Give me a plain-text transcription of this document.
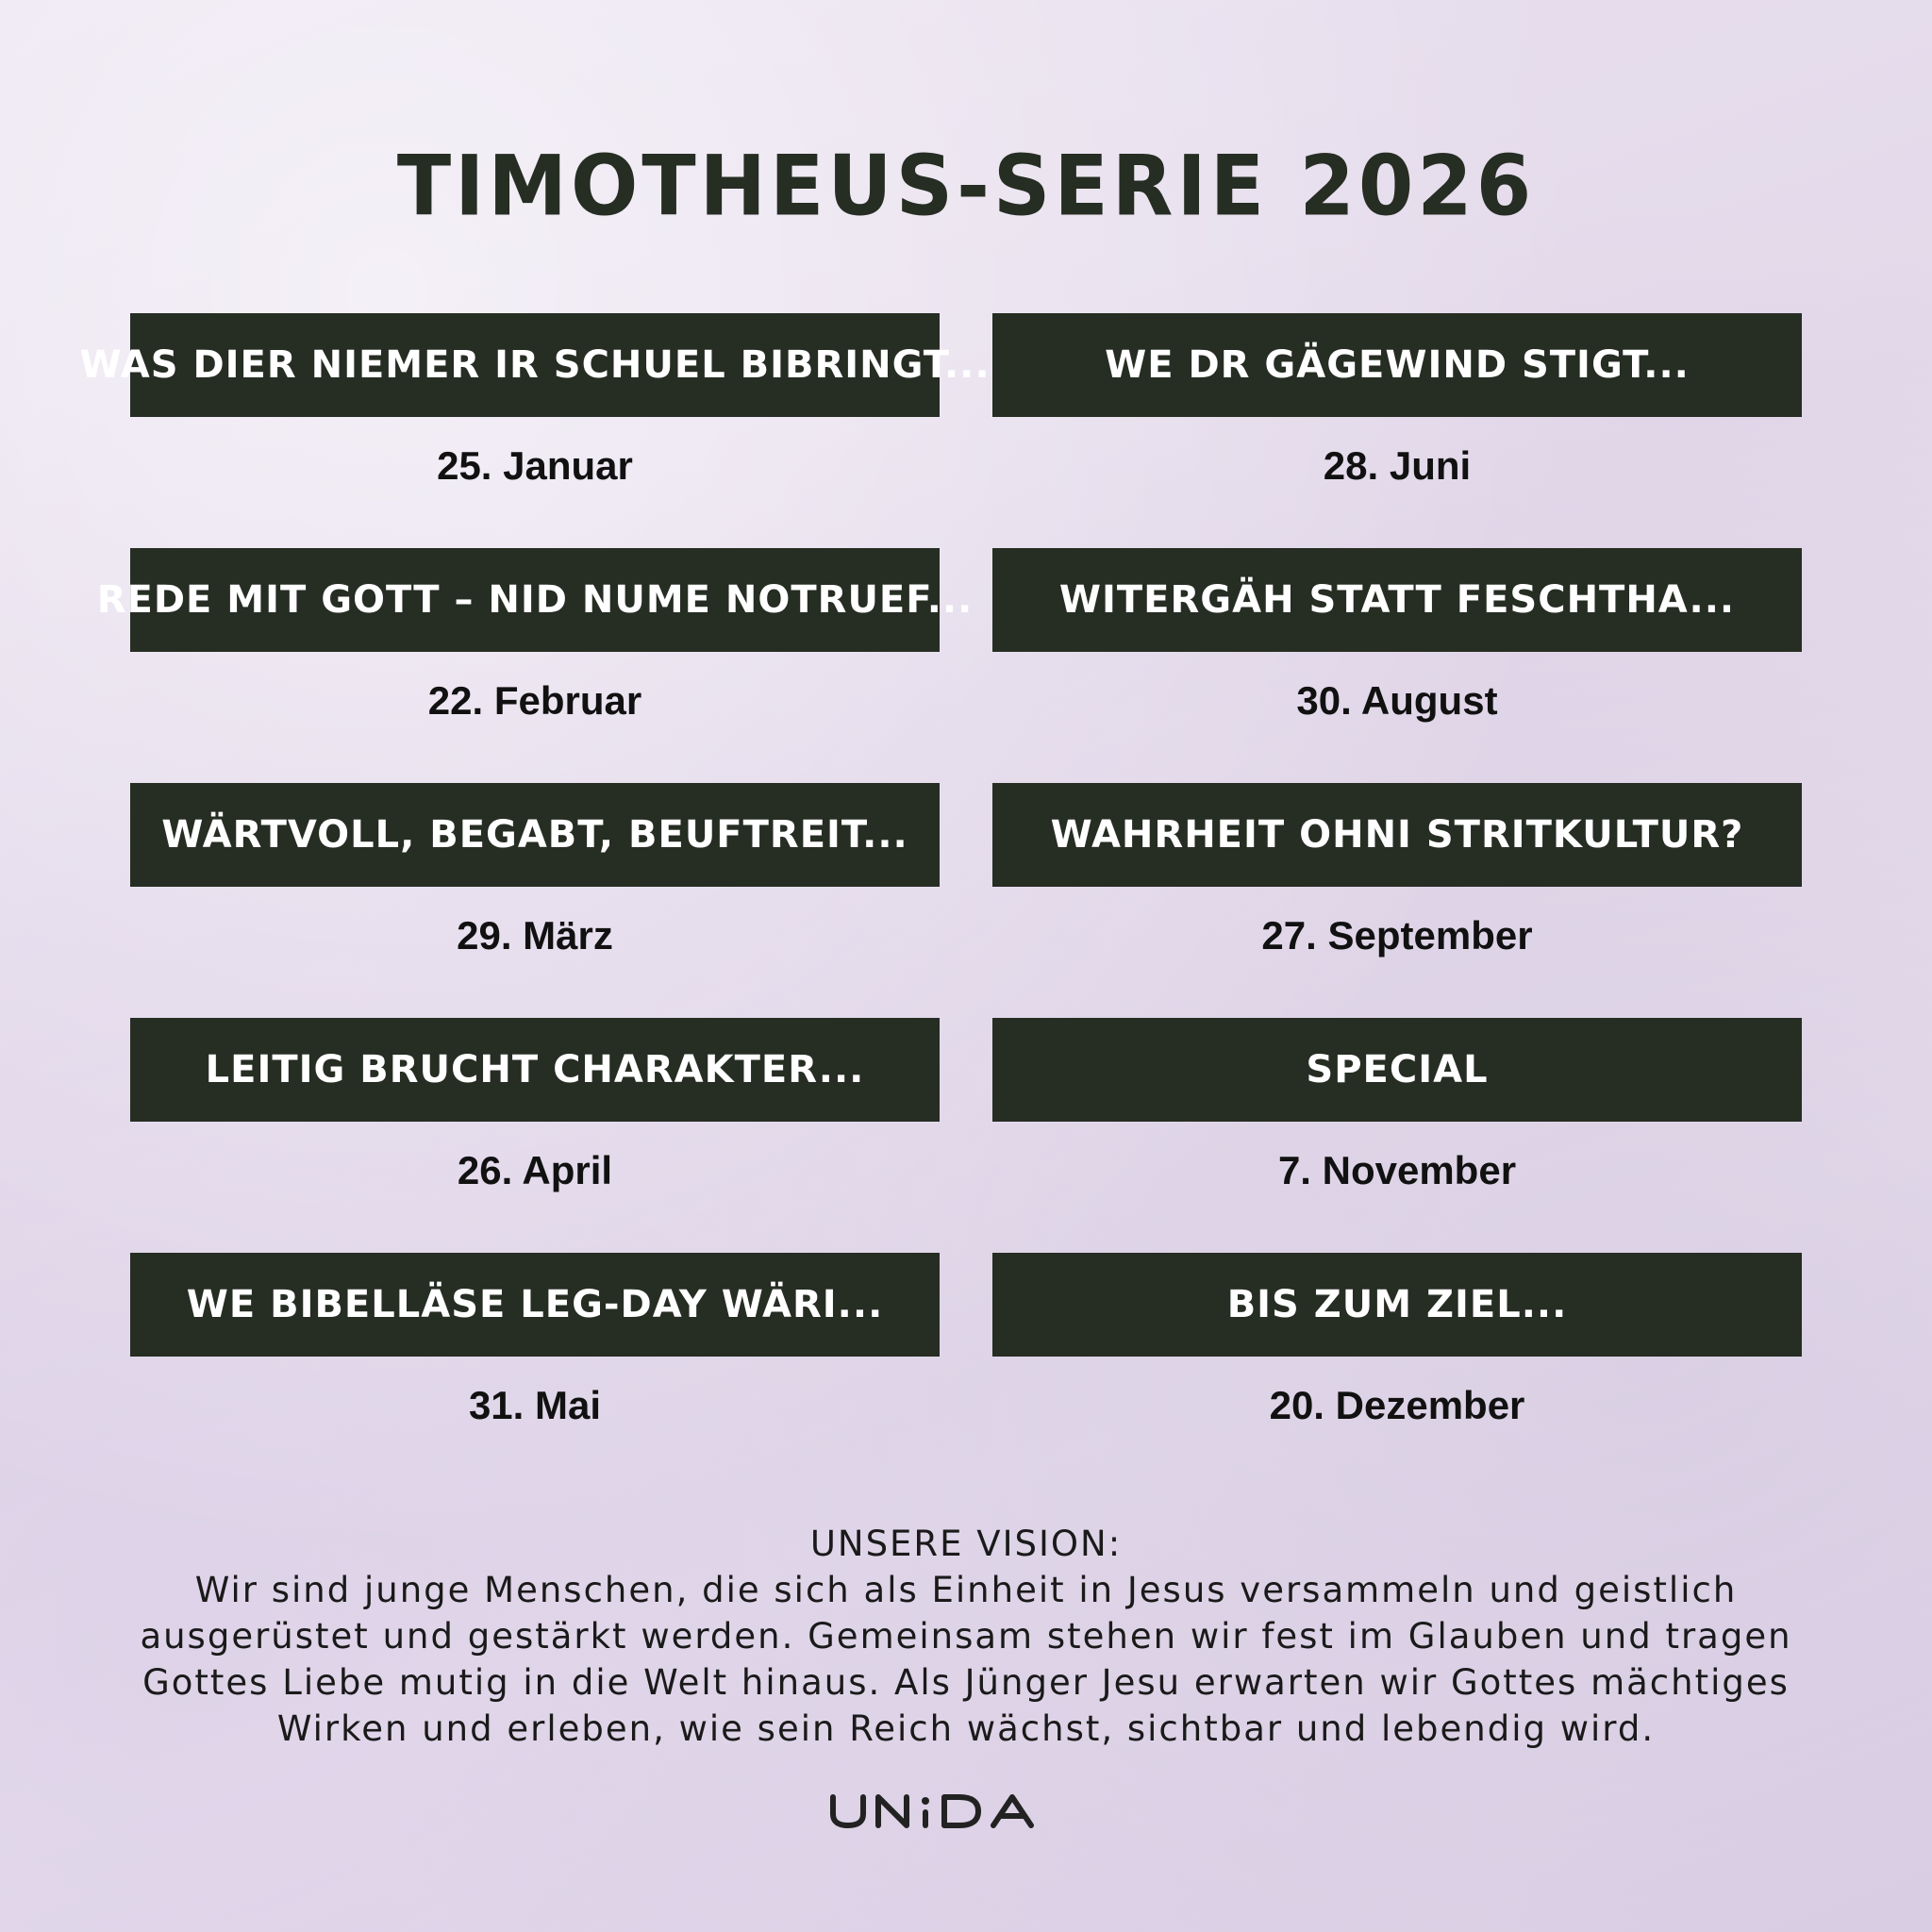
TIMOTHEUS-SERIE 2026
WAS DIER NIEMER IR SCHUEL BIBRINGT...
25. Januar
WE DR GÄGEWIND STIGT...
28. Juni
REDE MIT GOTT – NID NUME NOTRUEF...
22. Februar
WITERGÄH STATT FESCHTHA...
30. August
WÄRTVOLL, BEGABT, BEUFTREIT...
29. März
WAHRHEIT OHNI STRITKULTUR?
27. September
LEITIG BRUCHT CHARAKTER...
26. April
SPECIAL
7. November
WE BIBELLÄSE LEG-DAY WÄRI...
31. Mai
BIS ZUM ZIEL...
20. Dezember
UNSERE VISION:
Wir sind junge Menschen, die sich als Einheit in Jesus versammeln und geistlich ausgerüstet und gestärkt werden. Gemeinsam stehen wir fest im Glauben und tragen Gottes Liebe mutig in die Welt hinaus. Als Jünger Jesu erwarten wir Gottes mächtiges Wirken und erleben, wie sein Reich wächst, sichtbar und lebendig wird.
